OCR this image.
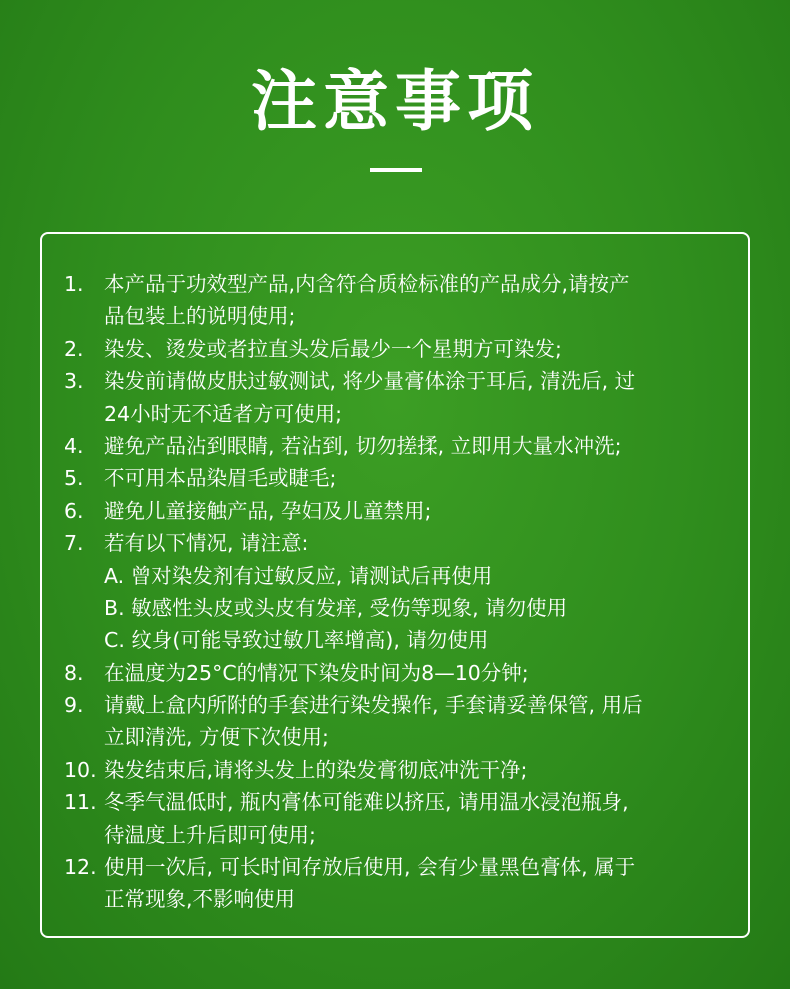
注意事项
1. 本产品于功效型产品,内含符合质检标准的产品成分,请按产
品包装上的说明使用;
2. 染发、烫发或者拉直头发后最少一个星期方可染发;
3. 染发前请做皮肤过敏测试, 将少量膏体涂于耳后, 清洗后, 过
24小时无不适者方可使用;
4. 避免产品沾到眼睛, 若沾到, 切勿搓揉, 立即用大量水冲洗;
5. 不可用本品染眉毛或睫毛;
6. 避免儿童接触产品, 孕妇及儿童禁用;
7. 若有以下情况, 请注意:
A. 曾对染发剂有过敏反应, 请测试后再使用
B. 敏感性头皮或头皮有发痒, 受伤等现象, 请勿使用
C. 纹身(可能导致过敏几率增高), 请勿使用
8. 在温度为25°C的情况下染发时间为8—10分钟;
9. 请戴上盒内所附的手套进行染发操作, 手套请妥善保管, 用后
立即清洗, 方便下次使用;
10. 染发结束后,请将头发上的染发膏彻底冲洗干净;
11. 冬季气温低时, 瓶内膏体可能难以挤压, 请用温水浸泡瓶身,
待温度上升后即可使用;
12. 使用一次后, 可长时间存放后使用, 会有少量黑色膏体, 属于
正常现象,不影响使用
